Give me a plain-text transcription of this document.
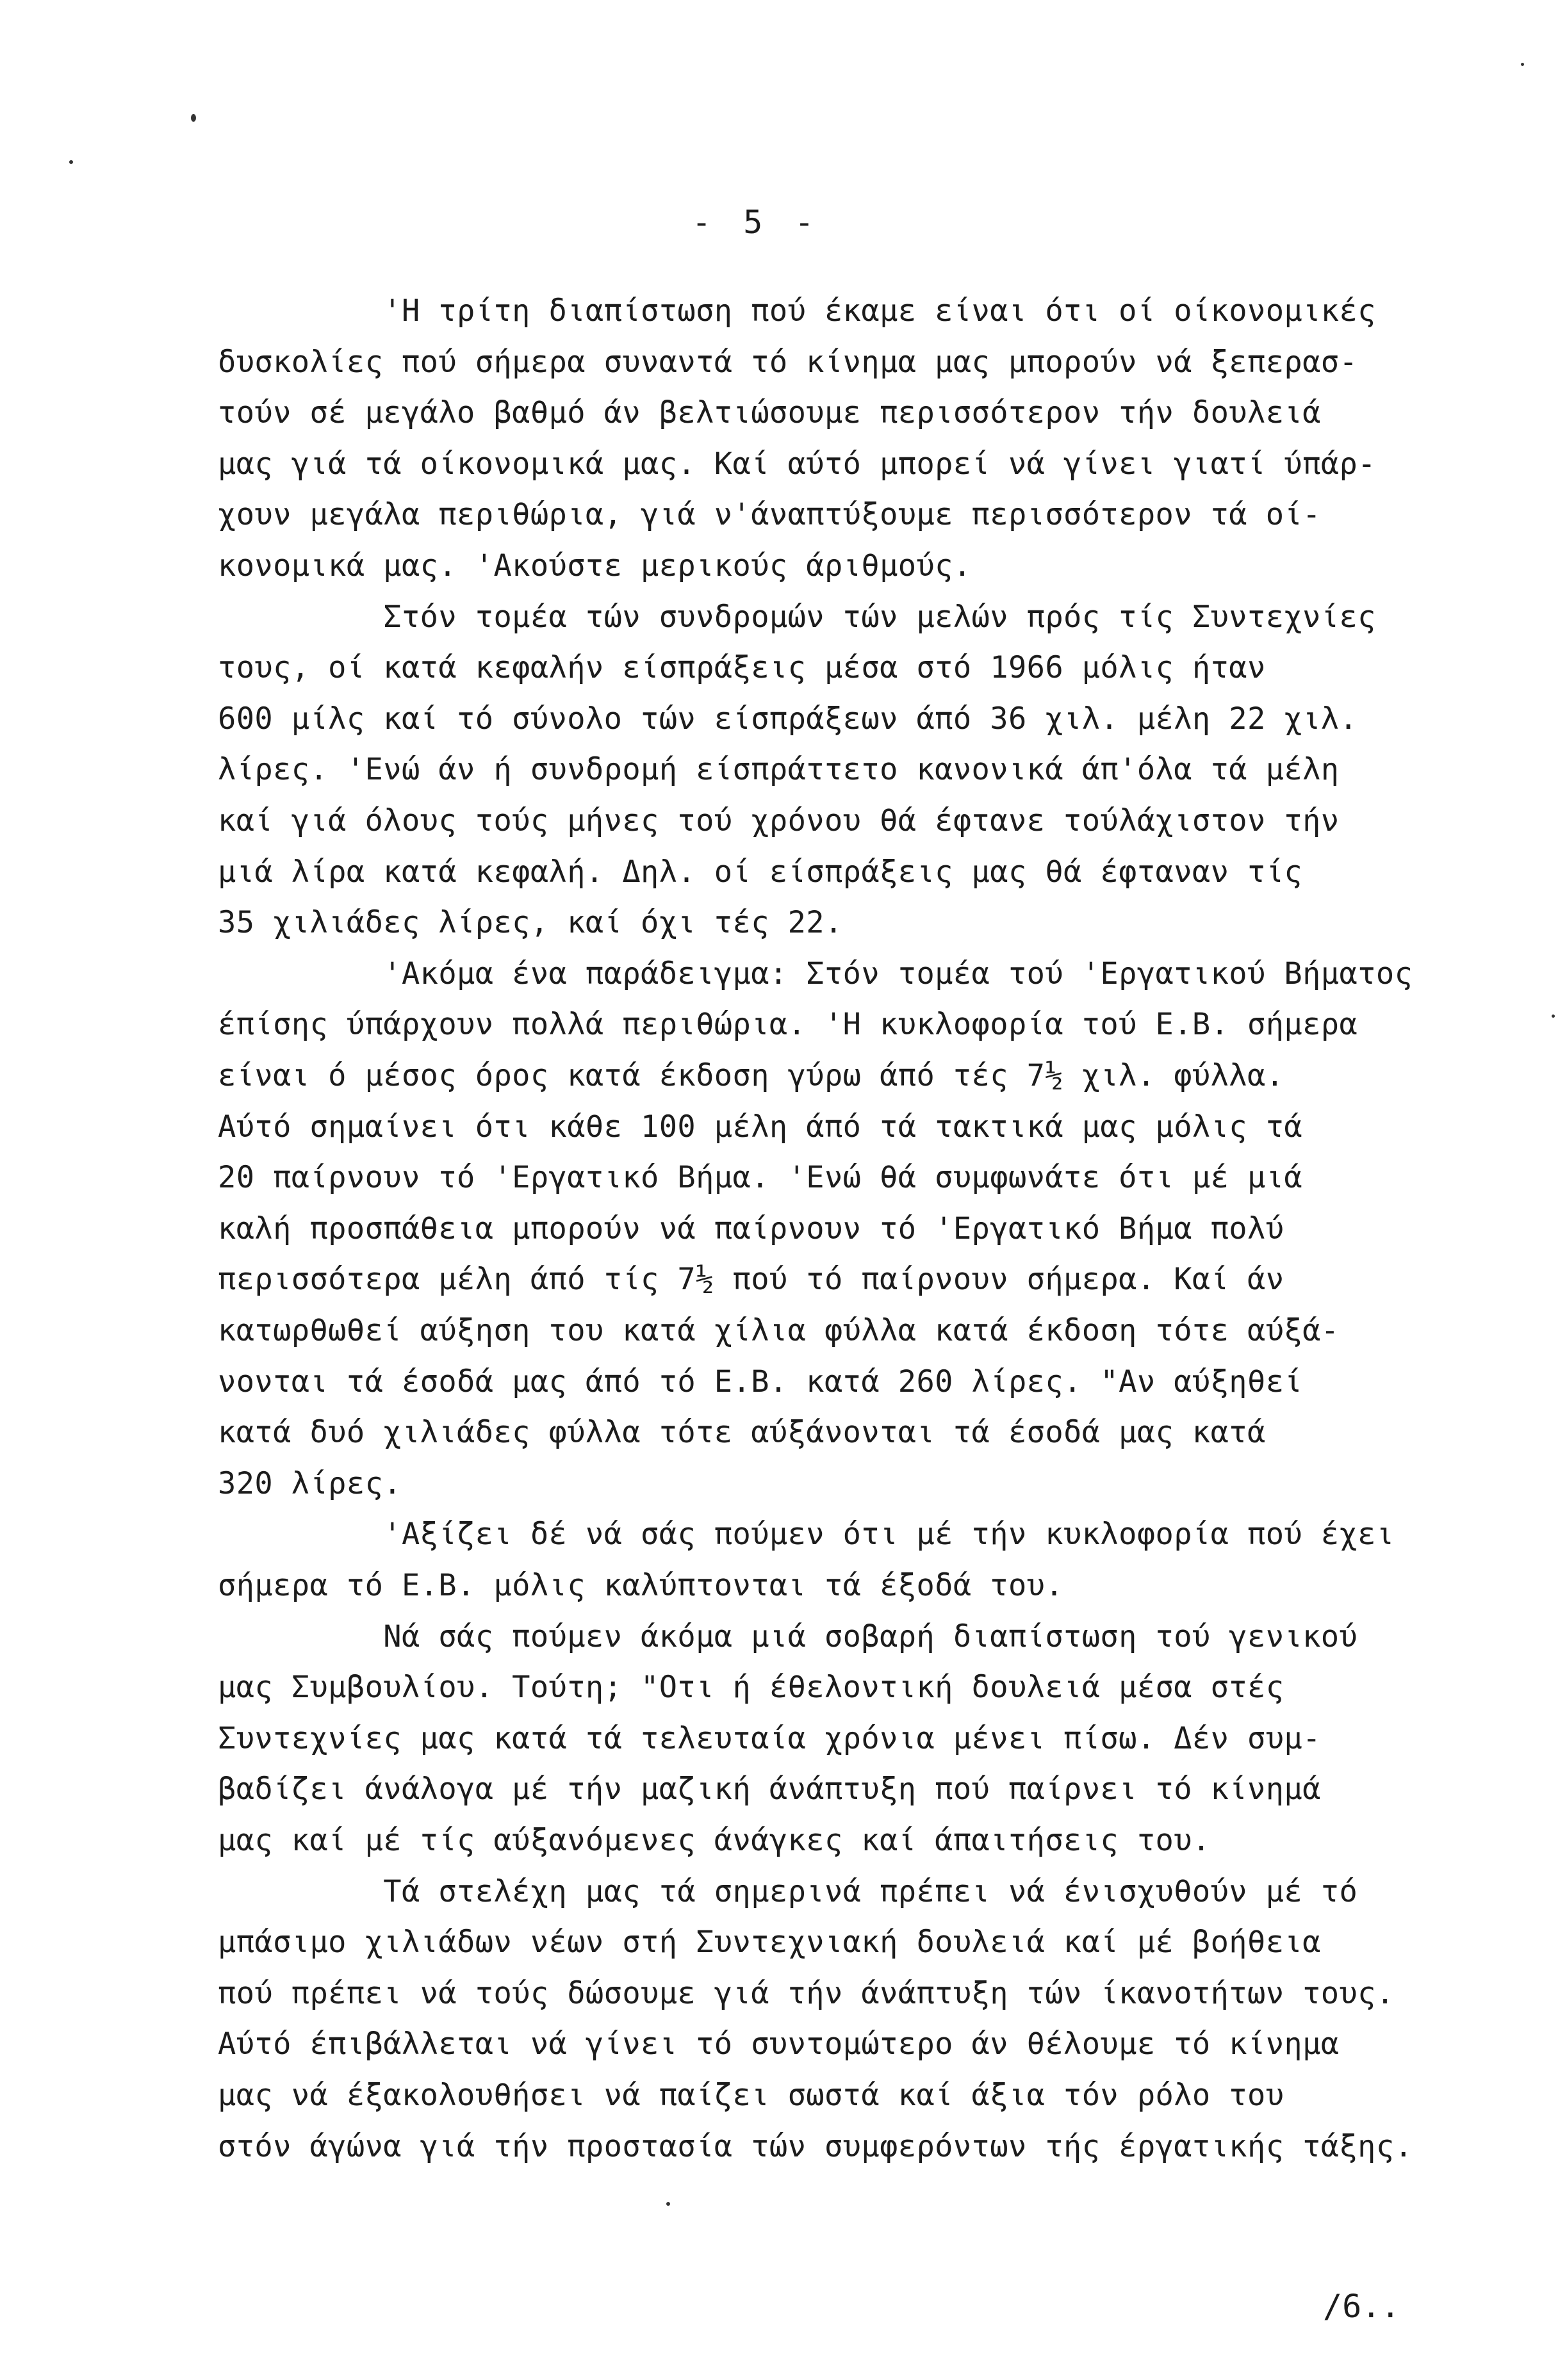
- 5 -
'Η τρίτη διαπίστωση πού έκαμε είναι ότι οί οίκονομικές
δυσκολίες πού σήμερα συναντά τό κίνημα μας μπορούν νά ξεπερασ-
τούν σέ μεγάλο βαθμό άν βελτιώσουμε περισσότερον τήν δουλειά
μας γιά τά οίκονομικά μας. Καί αύτό μπορεί νά γίνει γιατί ύπάρ-
χουν μεγάλα περιθώρια, γιά ν'άναπτύξουμε περισσότερον τά οί-
κονομικά μας. 'Ακούστε μερικούς άριθμούς.
Στόν τομέα τών συνδρομών τών μελών πρός τίς Συντεχνίες
τους, οί κατά κεφαλήν είσπράξεις μέσα στό 1966 μόλις ήταν
600 μίλς καί τό σύνολο τών είσπράξεων άπό 36 χιλ. μέλη 22 χιλ.
λίρες. 'Ενώ άν ή συνδρομή είσπράττετο κανονικά άπ'όλα τά μέλη
καί γιά όλους τούς μήνες τού χρόνου θά έφτανε τούλάχιστον τήν
μιά λίρα κατά κεφαλή. Δηλ. οί είσπράξεις μας θά έφταναν τίς
35 χιλιάδες λίρες, καί όχι τές 22.
'Ακόμα ένα παράδειγμα: Στόν τομέα τού 'Εργατικού Βήματος
έπίσης ύπάρχουν πολλά περιθώρια. 'Η κυκλοφορία τού Ε.Β. σήμερα
είναι ό μέσος όρος κατά έκδοση γύρω άπό τές 7½ χιλ. φύλλα.
Αύτό σημαίνει ότι κάθε 100 μέλη άπό τά τακτικά μας μόλις τά
20 παίρνουν τό 'Εργατικό Βήμα. 'Ενώ θά συμφωνάτε ότι μέ μιά
καλή προσπάθεια μπορούν νά παίρνουν τό 'Εργατικό Βήμα πολύ
περισσότερα μέλη άπό τίς 7½ πού τό παίρνουν σήμερα. Καί άν
κατωρθωθεί αύξηση του κατά χίλια φύλλα κατά έκδοση τότε αύξά-
νονται τά έσοδά μας άπό τό Ε.Β. κατά 260 λίρες. "Αν αύξηθεί
κατά δυό χιλιάδες φύλλα τότε αύξάνονται τά έσοδά μας κατά
320 λίρες.
'Αξίζει δέ νά σάς πούμεν ότι μέ τήν κυκλοφορία πού έχει
σήμερα τό Ε.Β. μόλις καλύπτονται τά έξοδά του.
Νά σάς πούμεν άκόμα μιά σοβαρή διαπίστωση τού γενικού
μας Συμβουλίου. Τούτη; "Οτι ή έθελοντική δουλειά μέσα στές
Συντεχνίες μας κατά τά τελευταία χρόνια μένει πίσω. Δέν συμ-
βαδίζει άνάλογα μέ τήν μαζική άνάπτυξη πού παίρνει τό κίνημά
μας καί μέ τίς αύξανόμενες άνάγκες καί άπαιτήσεις του.
Τά στελέχη μας τά σημερινά πρέπει νά ένισχυθούν μέ τό
μπάσιμο χιλιάδων νέων στή Συντεχνιακή δουλειά καί μέ βοήθεια
πού πρέπει νά τούς δώσουμε γιά τήν άνάπτυξη τών ίκανοτήτων τους.
Αύτό έπιβάλλεται νά γίνει τό συντομώτερο άν θέλουμε τό κίνημα
μας νά έξακολουθήσει νά παίζει σωστά καί άξια τόν ρόλο του
στόν άγώνα γιά τήν προστασία τών συμφερόντων τής έργατικής τάξης.
/6..
